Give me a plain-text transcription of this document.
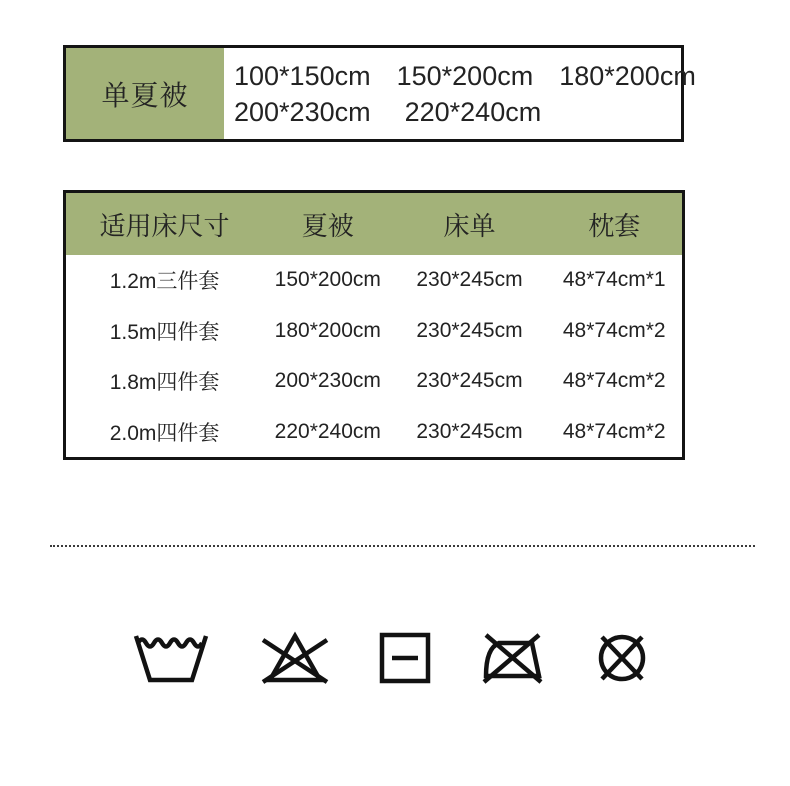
单夏被
100*150cm 150*200cm 180*200cm
200*230cm 220*240cm
适用床尺寸	夏被	床单	枕套
1.2m三件套	150*200cm	230*245cm	48*74cm*1
1.5m四件套	180*200cm	230*245cm	48*74cm*2
1.8m四件套	200*230cm	230*245cm	48*74cm*2
2.0m四件套	220*240cm	230*245cm	48*74cm*2
